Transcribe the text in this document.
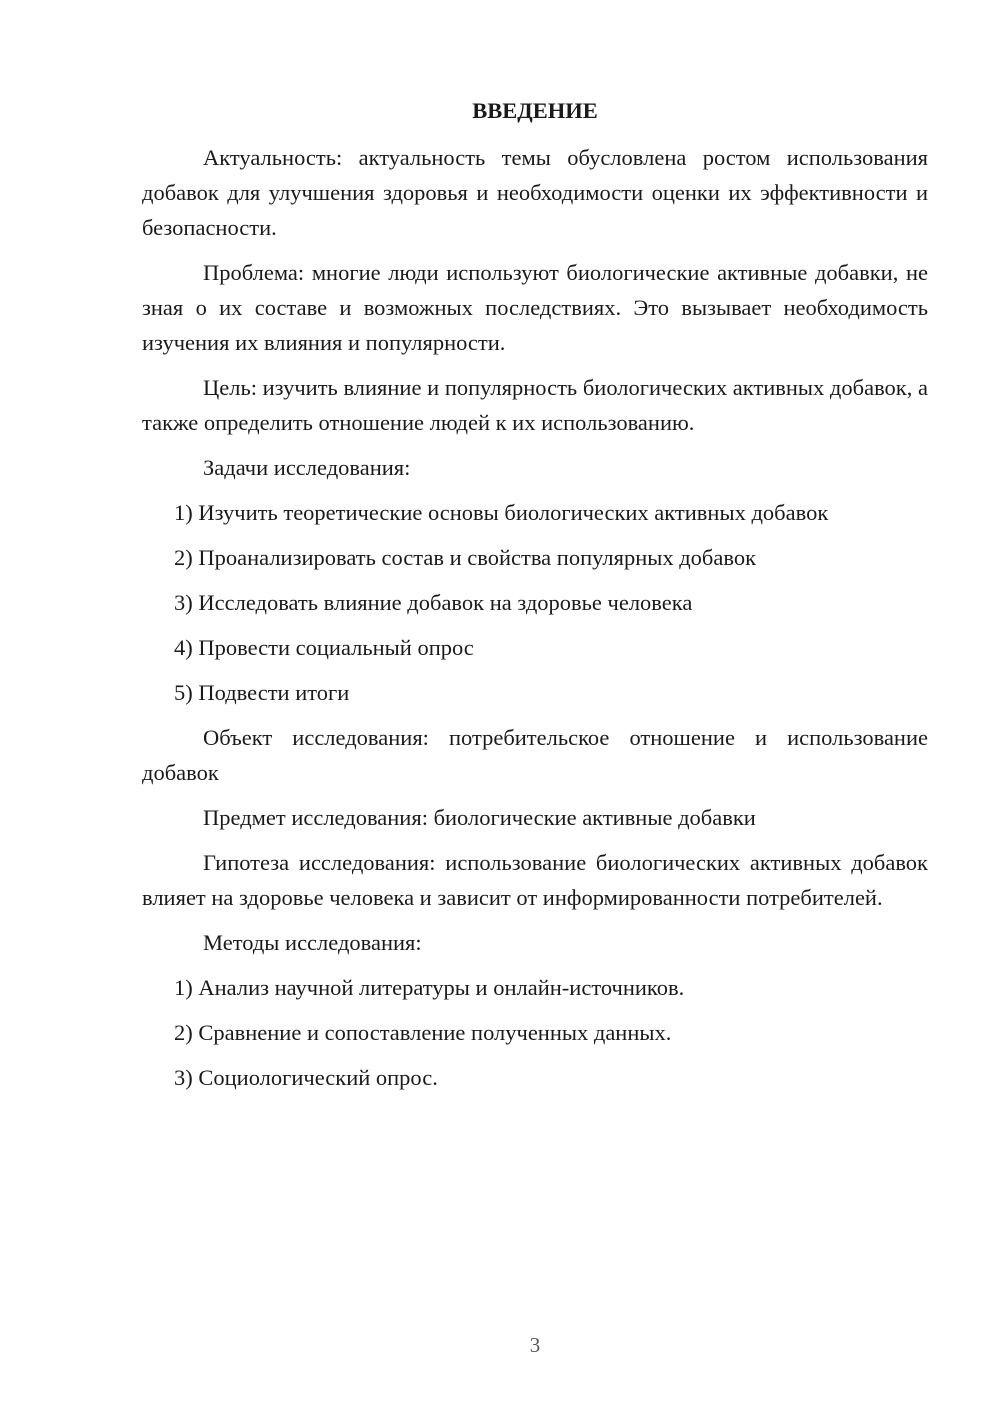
ВВЕДЕНИЕ

Актуальность: актуальность темы обусловлена ростом использования добавок для улучшения здоровья и необходимости оценки их эффективности и безопасности.

Проблема: многие люди используют биологические активные добавки, не зная о их составе и возможных последствиях. Это вызывает необходимость изучения их влияния и популярности.

Цель: изучить влияние и популярность биологических активных добавок, а также определить отношение людей к их использованию.

Задачи исследования:

1) Изучить теоретические основы биологических активных добавок
2) Проанализировать состав и свойства популярных добавок
3) Исследовать влияние добавок на здоровье человека
4) Провести социальный опрос
5) Подвести итоги

Объект исследования: потребительское отношение и использование добавок

Предмет исследования: биологические активные добавки

Гипотеза исследования: использование биологических активных добавок влияет на здоровье человека и зависит от информированности потребителей.

Методы исследования:

1) Анализ научной литературы и онлайн-источников.
2) Сравнение и сопоставление полученных данных.
3) Социологический опрос.
3
